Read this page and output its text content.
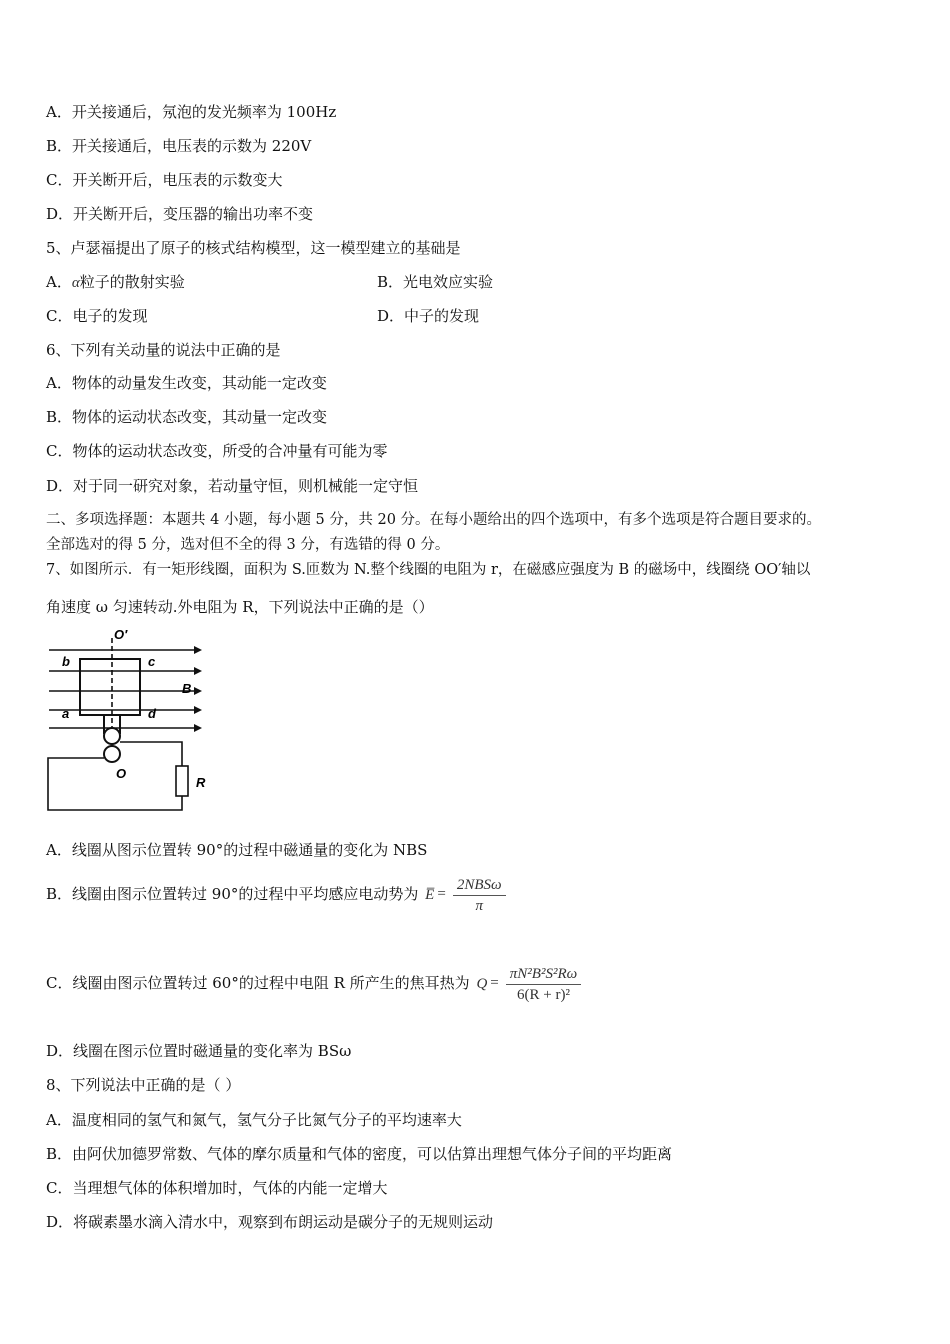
A．开关接通后，氖泡的发光频率为 100Hz
B．开关接通后，电压表的示数为 220V
C．开关断开后，电压表的示数变大
D．开关断开后，变压器的输出功率不变
5、卢瑟福提出了原子的核式结构模型，这一模型建立的基础是
A．α粒子的散射实验	B．光电效应实验
C．电子的发现	D．中子的发现
6、下列有关动量的说法中正确的是
A．物体的动量发生改变，其动能一定改变
B．物体的运动状态改变，其动量一定改变
C．物体的运动状态改变，所受的合冲量有可能为零
D．对于同一研究对象，若动量守恒，则机械能一定守恒
二、多项选择题：本题共 4 小题，每小题 5 分，共 20 分。在每小题给出的四个选项中，有多个选项是符合题目要求的。
全部选对的得 5 分，选对但不全的得 3 分，有选错的得 0 分。
7、如图所示．有一矩形线圈，面积为 S.匝数为 N.整个线圈的电阻为 r，在磁感应强度为 B 的磁场中，线圈绕 OO′轴以
角速度 ω 匀速转动.外电阻为 R，下列说法中正确的是（）
O′
b	c
B
a	d
O
R
A．线圈从图示位置转 90°的过程中磁通量的变化为 NBS
B．线圈由图示位置转过 90°的过程中平均感应电动势为 E̅ = $\frac{\text{2NBSω}}{\pi}$
C．线圈由图示位置转过 60°的过程中电阻 R 所产生的焦耳热为 $Q = \frac{\text{πN²B²S²Rω}}{\text{6(R + r)²}}$
D．线圈在图示位置时磁通量的变化率为 BSω
8、下列说法中正确的是（ ）
A．温度相同的氢气和氮气，氢气分子比氮气分子的平均速率大
B．由阿伏加德罗常数、气体的摩尔质量和气体的密度，可以估算出理想气体分子间的平均距离
C．当理想气体的体积增加时，气体的内能一定增大
D．将碳素墨水滴入清水中，观察到布朗运动是碳分子的无规则运动
